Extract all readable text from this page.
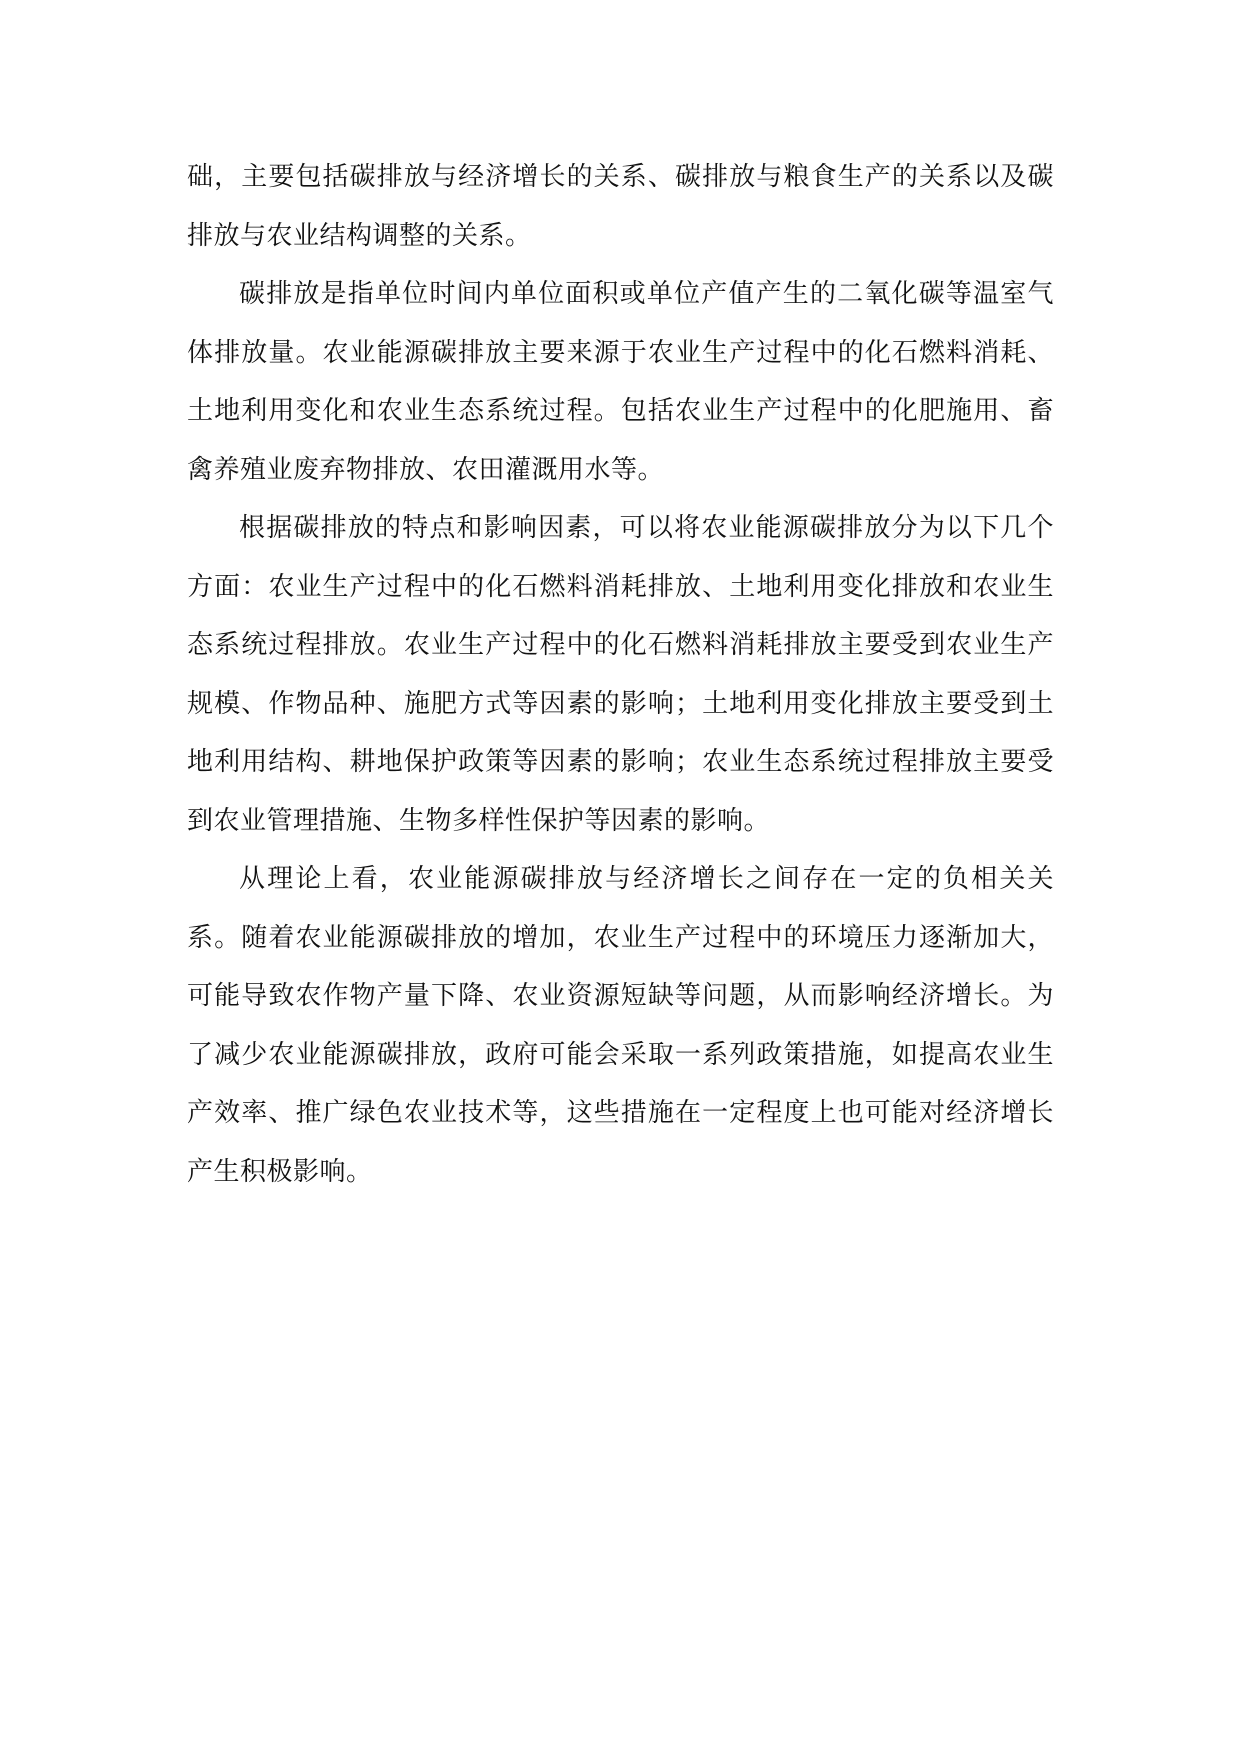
础，主要包括碳排放与经济增长的关系、碳排放与粮食生产的关系以及碳排放与农业结构调整的关系。

碳排放是指单位时间内单位面积或单位产值产生的二氧化碳等温室气体排放量。农业能源碳排放主要来源于农业生产过程中的化石燃料消耗、土地利用变化和农业生态系统过程。包括农业生产过程中的化肥施用、畜禽养殖业废弃物排放、农田灌溉用水等。

根据碳排放的特点和影响因素，可以将农业能源碳排放分为以下几个方面：农业生产过程中的化石燃料消耗排放、土地利用变化排放和农业生态系统过程排放。农业生产过程中的化石燃料消耗排放主要受到农业生产规模、作物品种、施肥方式等因素的影响；土地利用变化排放主要受到土地利用结构、耕地保护政策等因素的影响；农业生态系统过程排放主要受到农业管理措施、生物多样性保护等因素的影响。

从理论上看，农业能源碳排放与经济增长之间存在一定的负相关关系。随着农业能源碳排放的增加，农业生产过程中的环境压力逐渐加大，可能导致农作物产量下降、农业资源短缺等问题，从而影响经济增长。为了减少农业能源碳排放，政府可能会采取一系列政策措施，如提高农业生产效率、推广绿色农业技术等，这些措施在一定程度上也可能对经济增长产生积极影响。
